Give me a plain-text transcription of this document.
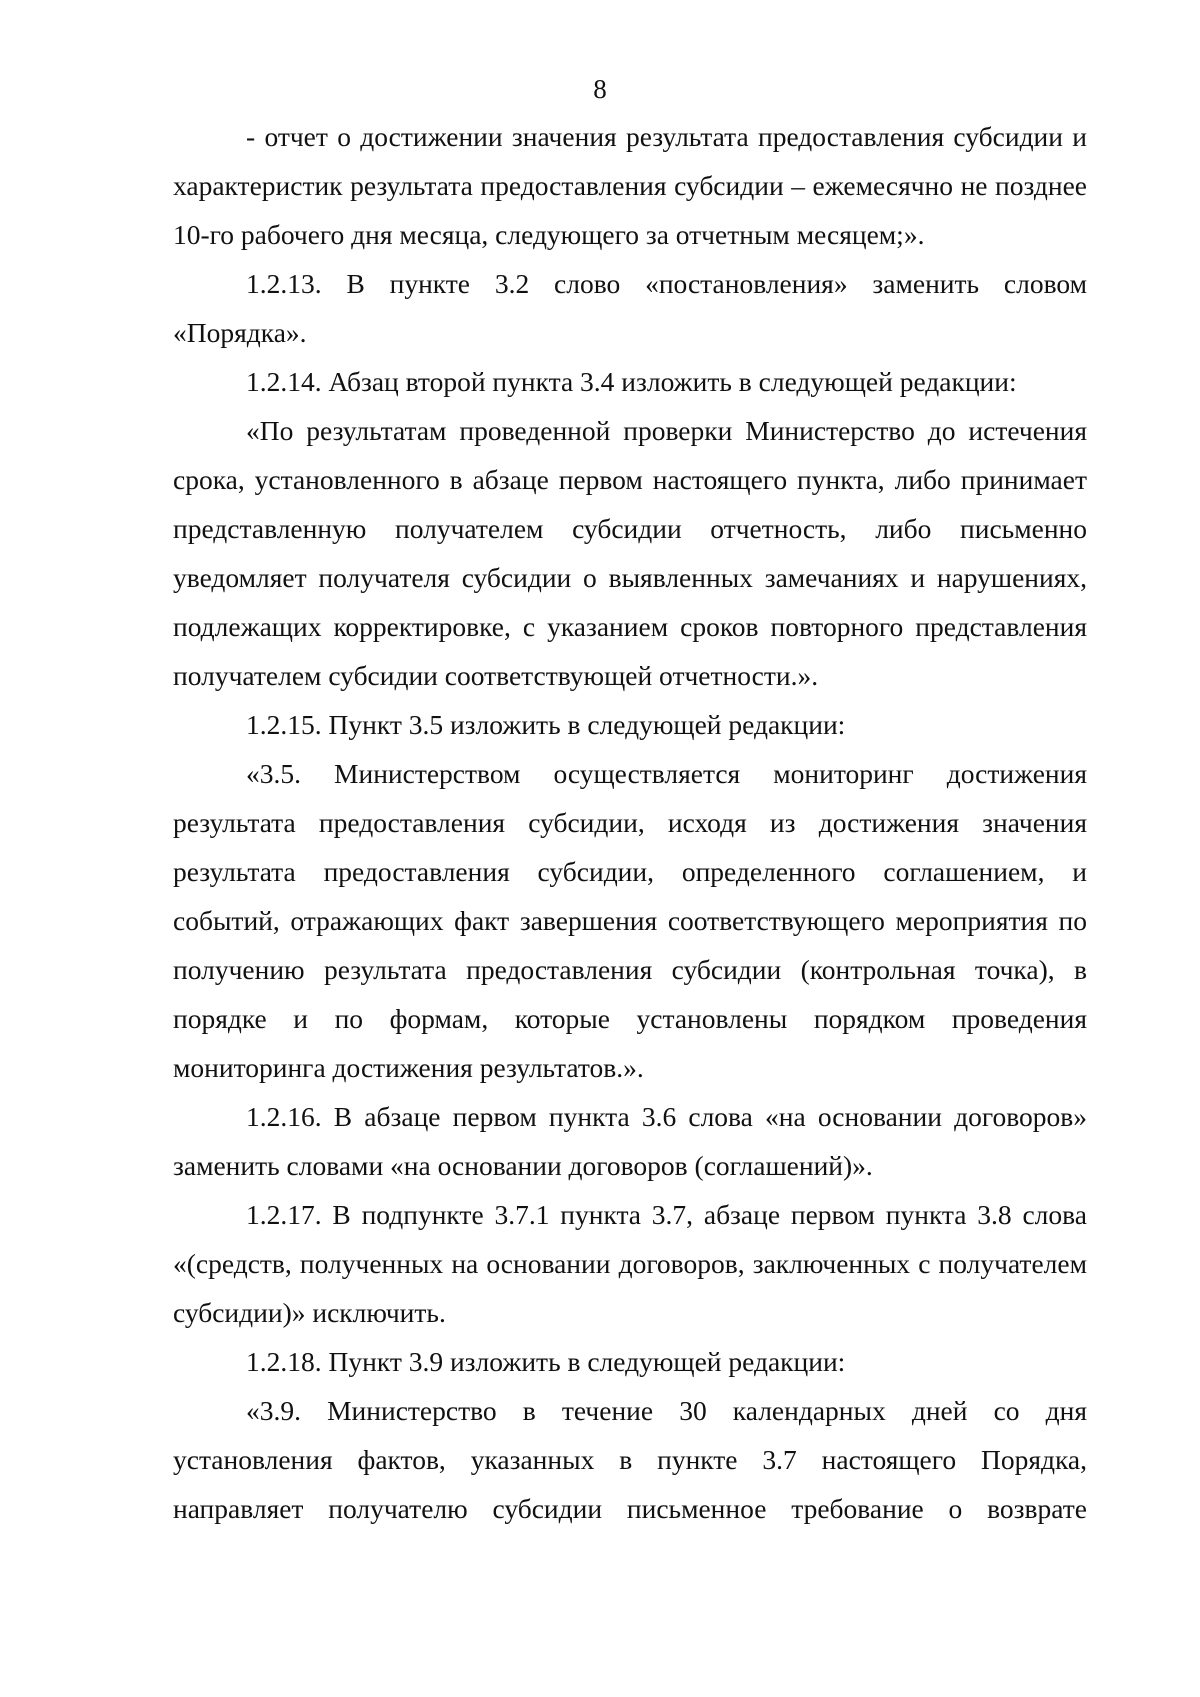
8

- отчет о достижении значения результата предоставления субсидии и характеристик результата предоставления субсидии – ежемесячно не позднее 10-го рабочего дня месяца, следующего за отчетным месяцем;».

1.2.13. В пункте 3.2 слово «постановления» заменить словом «Порядка».

1.2.14. Абзац второй пункта 3.4 изложить в следующей редакции:

«По результатам проведенной проверки Министерство до истечения срока, установленного в абзаце первом настоящего пункта, либо принимает представленную получателем субсидии отчетность, либо письменно уведомляет получателя субсидии о выявленных замечаниях и нарушениях, подлежащих корректировке, с указанием сроков повторного представления получателем субсидии соответствующей отчетности.».

1.2.15. Пункт 3.5 изложить в следующей редакции:

«3.5. Министерством осуществляется мониторинг достижения результата предоставления субсидии, исходя из достижения значения результата предоставления субсидии, определенного соглашением, и событий, отражающих факт завершения соответствующего мероприятия по получению результата предоставления субсидии (контрольная точка), в порядке и по формам, которые установлены порядком проведения мониторинга достижения результатов.».

1.2.16. В абзаце первом пункта 3.6 слова «на основании договоров» заменить словами «на основании договоров (соглашений)».

1.2.17. В подпункте 3.7.1 пункта 3.7, абзаце первом пункта 3.8 слова «(средств, полученных на основании договоров, заключенных с получателем субсидии)» исключить.

1.2.18. Пункт 3.9 изложить в следующей редакции:

«3.9. Министерство в течение 30 календарных дней со дня установления фактов, указанных в пункте 3.7 настоящего Порядка, направляет получателю субсидии письменное требование о возврате
